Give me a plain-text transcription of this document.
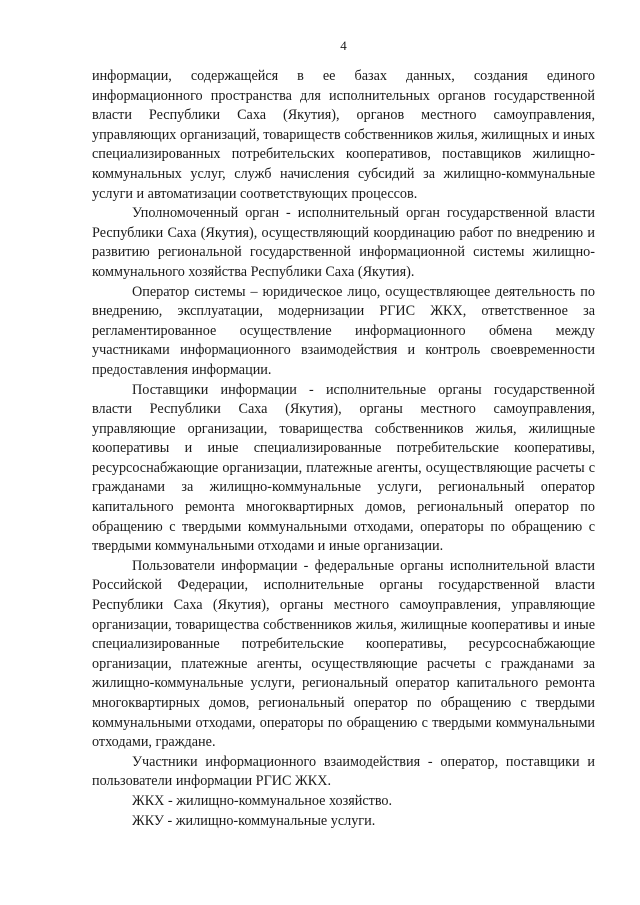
4

информации, содержащейся в ее базах данных, создания единого информационного пространства для исполнительных органов государственной власти Республики Саха (Якутия), органов местного самоуправления, управляющих организаций, товариществ собственников жилья, жилищных и иных специализированных потребительских кооперативов, поставщиков жилищно-коммунальных услуг, служб начисления субсидий за жилищно-коммунальные услуги и автоматизации соответствующих процессов.

Уполномоченный орган - исполнительный орган государственной власти Республики Саха (Якутия), осуществляющий координацию работ по внедрению и развитию региональной государственной информационной системы жилищно-коммунального хозяйства Республики Саха (Якутия).

Оператор системы – юридическое лицо, осуществляющее деятельность по внедрению, эксплуатации, модернизации РГИС ЖКХ, ответственное за регламентированное осуществление информационного обмена между участниками информационного взаимодействия и контроль своевременности предоставления информации.

Поставщики информации - исполнительные органы государственной власти Республики Саха (Якутия), органы местного самоуправления, управляющие организации, товарищества собственников жилья, жилищные кооперативы и иные специализированные потребительские кооперативы, ресурсоснабжающие организации, платежные агенты, осуществляющие расчеты с гражданами за жилищно-коммунальные услуги, региональный оператор капитального ремонта многоквартирных домов, региональный оператор по обращению с твердыми коммунальными отходами, операторы по обращению с твердыми коммунальными отходами и иные организации.

Пользователи информации - федеральные органы исполнительной власти Российской Федерации, исполнительные органы государственной власти Республики Саха (Якутия), органы местного самоуправления, управляющие организации, товарищества собственников жилья, жилищные кооперативы и иные специализированные потребительские кооперативы, ресурсоснабжающие организации, платежные агенты, осуществляющие расчеты с гражданами за жилищно-коммунальные услуги, региональный оператор капитального ремонта многоквартирных домов, региональный оператор по обращению с твердыми коммунальными отходами, операторы по обращению с твердыми коммунальными отходами, граждане.

Участники информационного взаимодействия - оператор, поставщики и пользователи информации РГИС ЖКХ.

ЖКХ - жилищно-коммунальное хозяйство.

ЖКУ - жилищно-коммунальные услуги.
